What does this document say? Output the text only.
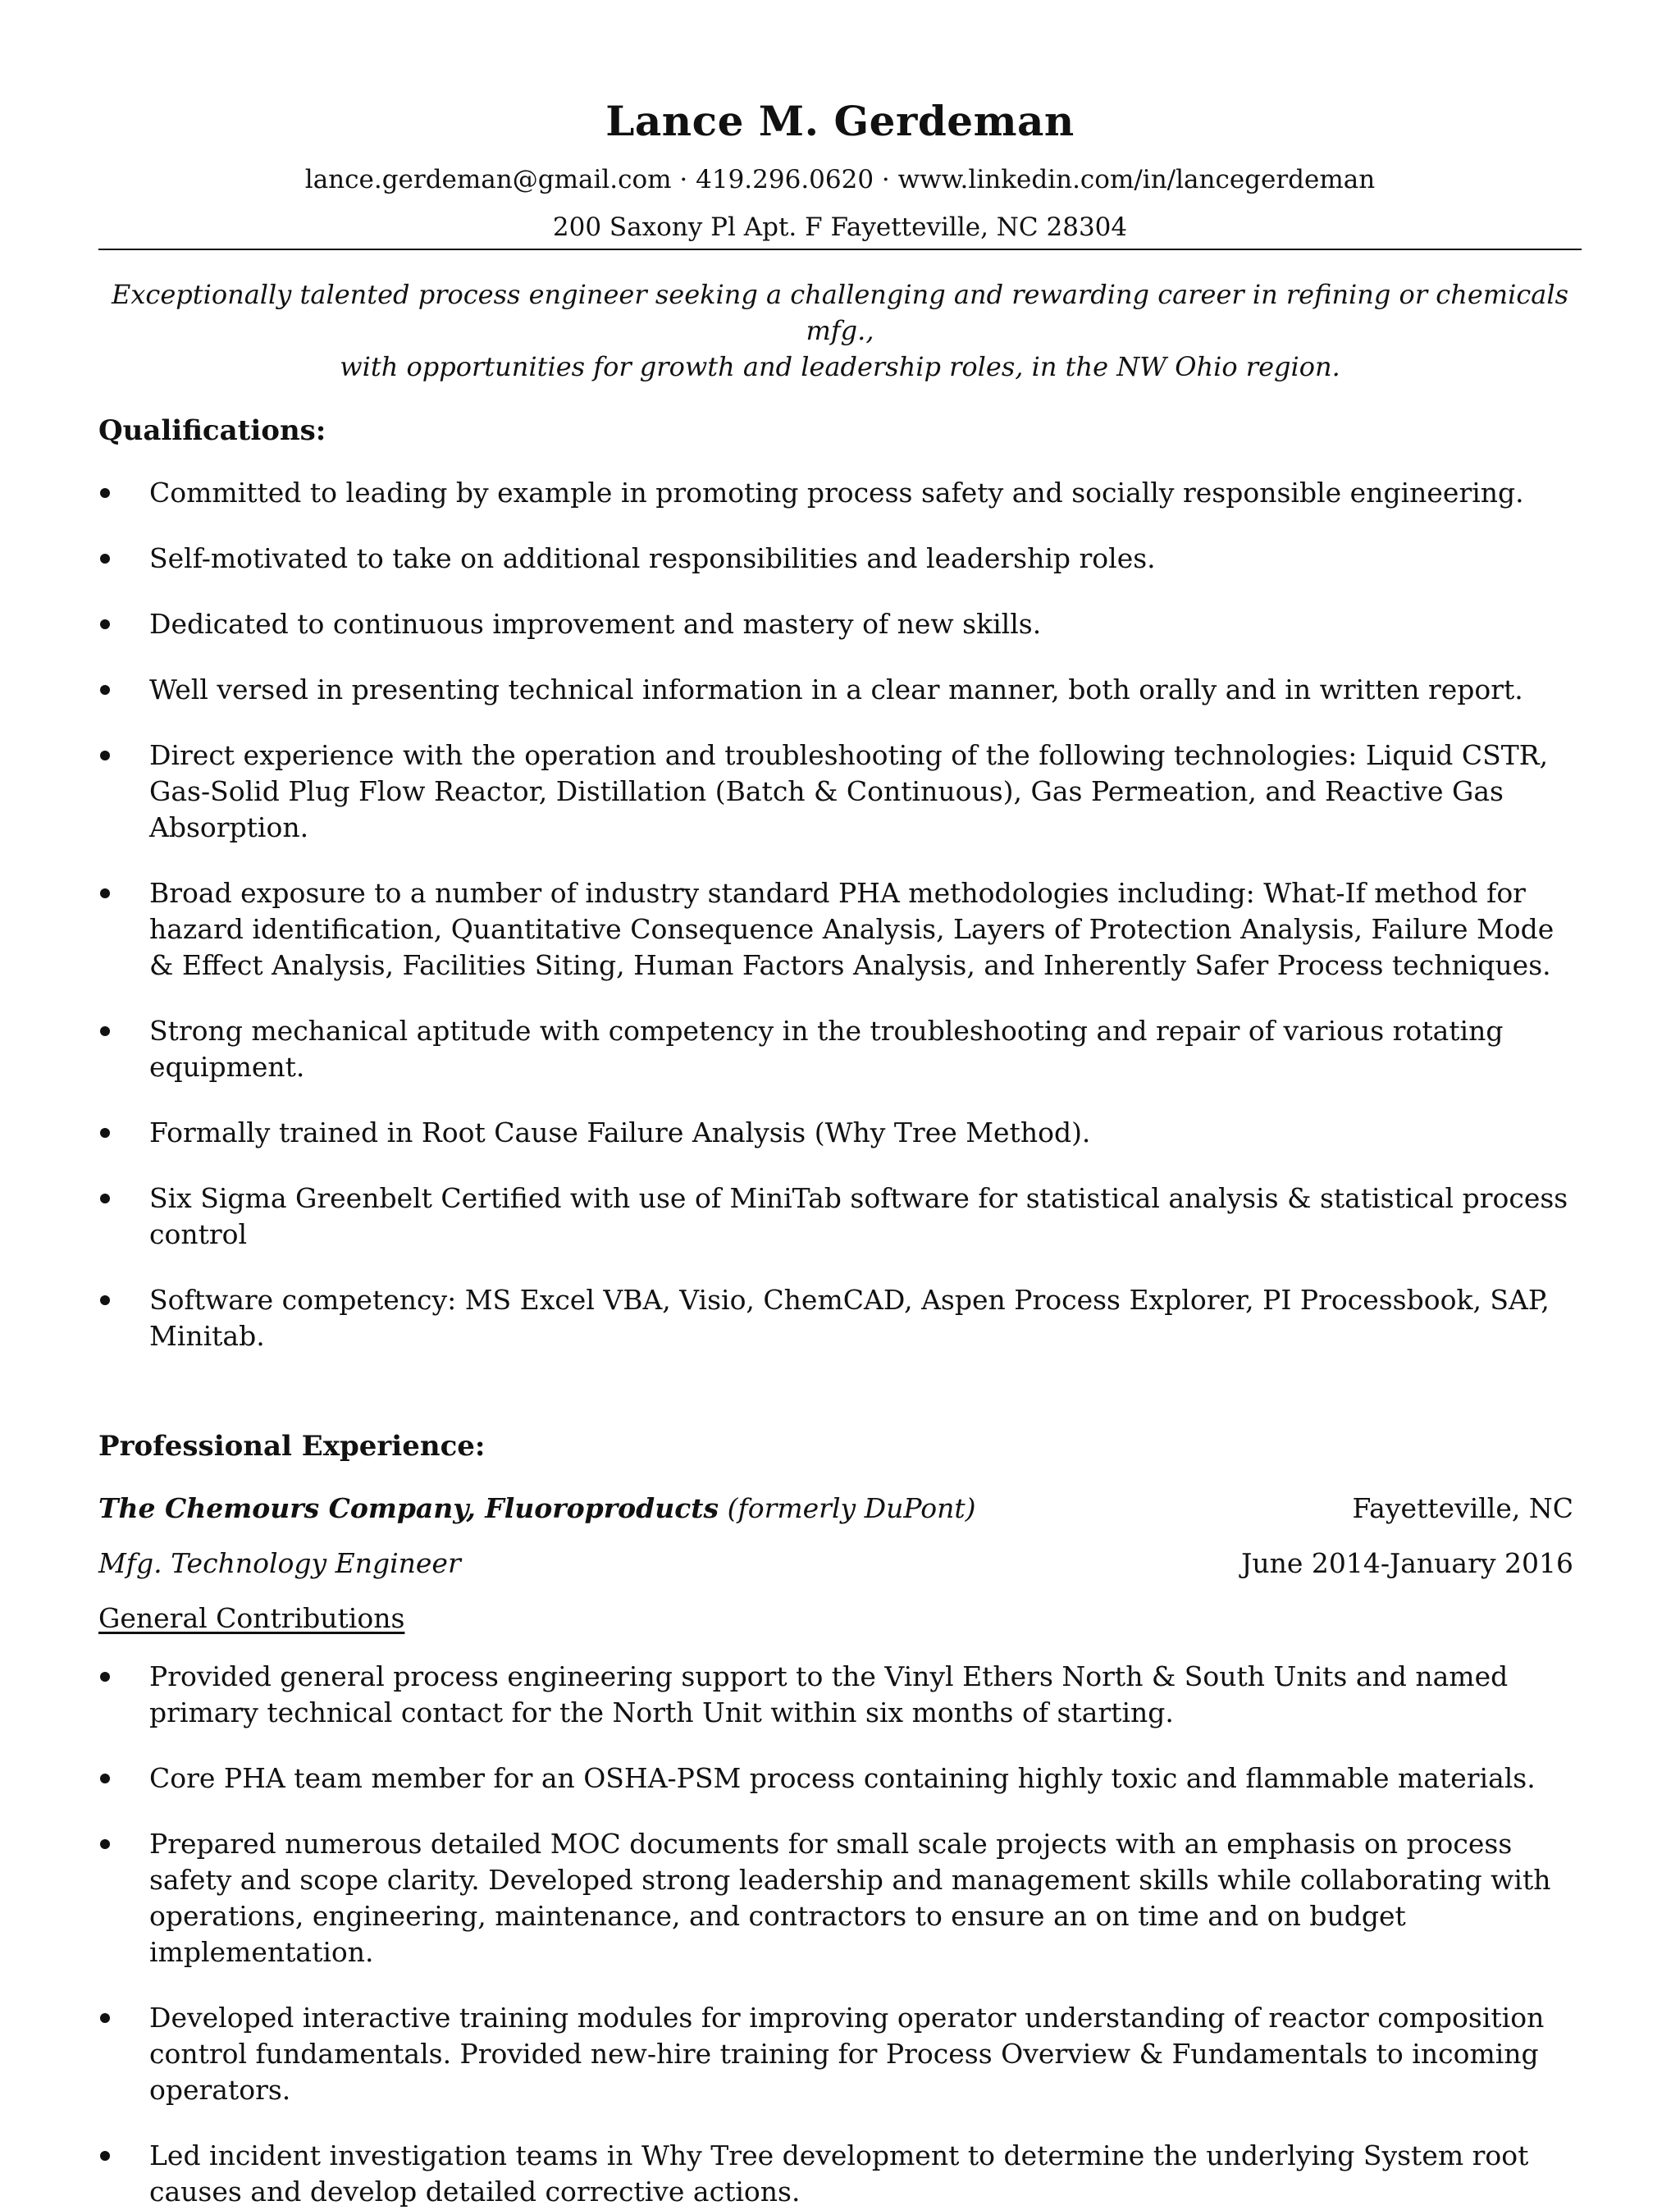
Lance M. Gerdeman
lance.gerdeman@gmail.com · 419.296.0620 · www.linkedin.com/in/lancegerdeman
200 Saxony Pl Apt. F Fayetteville, NC 28304
Exceptionally talented process engineer seeking a challenging and rewarding career in refining or chemicals mfg.,
with opportunities for growth and leadership roles, in the NW Ohio region.
Qualifications:
Committed to leading by example in promoting process safety and socially responsible engineering.
Self-motivated to take on additional responsibilities and leadership roles.
Dedicated to continuous improvement and mastery of new skills.
Well versed in presenting technical information in a clear manner, both orally and in written report.
Direct experience with the operation and troubleshooting of the following technologies: Liquid CSTR, Gas-Solid Plug Flow Reactor, Distillation (Batch & Continuous), Gas Permeation, and Reactive Gas Absorption.
Broad exposure to a number of industry standard PHA methodologies including: What-If method for hazard identification, Quantitative Consequence Analysis, Layers of Protection Analysis, Failure Mode & Effect Analysis, Facilities Siting, Human Factors Analysis, and Inherently Safer Process techniques.
Strong mechanical aptitude with competency in the troubleshooting and repair of various rotating equipment.
Formally trained in Root Cause Failure Analysis (Why Tree Method).
Six Sigma Greenbelt Certified with use of MiniTab software for statistical analysis & statistical process control
Software competency: MS Excel VBA, Visio, ChemCAD, Aspen Process Explorer, PI Processbook, SAP, Minitab.
Professional Experience:
The Chemours Company, Fluoroproducts (formerly DuPont)	Fayetteville, NC
Mfg. Technology Engineer	June 2014-January 2016
General Contributions
Provided general process engineering support to the Vinyl Ethers North & South Units and named primary technical contact for the North Unit within six months of starting.
Core PHA team member for an OSHA-PSM process containing highly toxic and flammable materials.
Prepared numerous detailed MOC documents for small scale projects with an emphasis on process safety and scope clarity. Developed strong leadership and management skills while collaborating with operations, engineering, maintenance, and contractors to ensure an on time and on budget implementation.
Developed interactive training modules for improving operator understanding of reactor composition control fundamentals. Provided new-hire training for Process Overview & Fundamentals to incoming operators.
Led incident investigation teams in Why Tree development to determine the underlying System root causes and develop detailed corrective actions.
